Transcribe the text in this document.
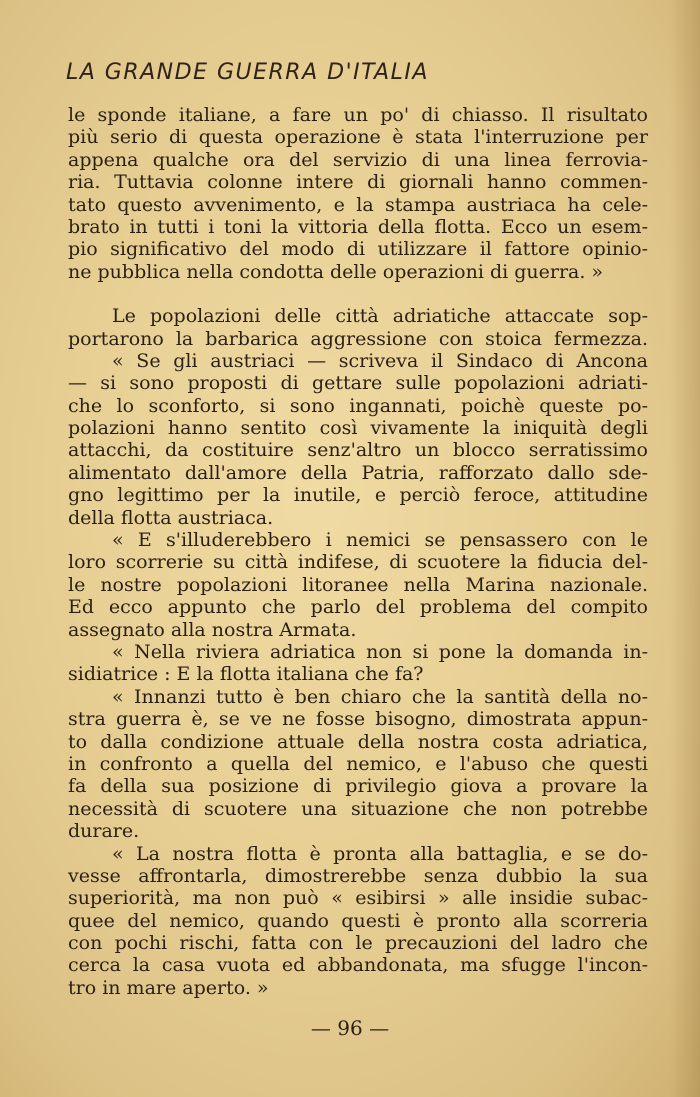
LA GRANDE GUERRA D'ITALIA
le sponde italiane, a fare un po' di chiasso. Il risultato
più serio di questa operazione è stata l'interruzione per
appena qualche ora del servizio di una linea ferrovia-
ria. Tuttavia colonne intere di giornali hanno commen-
tato questo avvenimento, e la stampa austriaca ha cele-
brato in tutti i toni la vittoria della flotta. Ecco un esem-
pio significativo del modo di utilizzare il fattore opinio-
ne pubblica nella condotta delle operazioni di guerra. »
Le popolazioni delle città adriatiche attaccate sop-
portarono la barbarica aggressione con stoica fermezza.
« Se gli austriaci — scriveva il Sindaco di Ancona
— si sono proposti di gettare sulle popolazioni adriati-
che lo sconforto, si sono ingannati, poichè queste po-
polazioni hanno sentito così vivamente la iniquità degli
attacchi, da costituire senz'altro un blocco serratissimo
alimentato dall'amore della Patria, rafforzato dallo sde-
gno legittimo per la inutile, e perciò feroce, attitudine
della flotta austriaca.
« E s'illuderebbero i nemici se pensassero con le
loro scorrerie su città indifese, di scuotere la fiducia del-
le nostre popolazioni litoranee nella Marina nazionale.
Ed ecco appunto che parlo del problema del compito
assegnato alla nostra Armata.
« Nella riviera adriatica non si pone la domanda in-
sidiatrice : E la flotta italiana che fa?
« Innanzi tutto è ben chiaro che la santità della no-
stra guerra è, se ve ne fosse bisogno, dimostrata appun-
to dalla condizione attuale della nostra costa adriatica,
in confronto a quella del nemico, e l'abuso che questi
fa della sua posizione di privilegio giova a provare la
necessità di scuotere una situazione che non potrebbe
durare.
« La nostra flotta è pronta alla battaglia, e se do-
vesse affrontarla, dimostrerebbe senza dubbio la sua
superiorità, ma non può « esibirsi » alle insidie subac-
quee del nemico, quando questi è pronto alla scorreria
con pochi rischi, fatta con le precauzioni del ladro che
cerca la casa vuota ed abbandonata, ma sfugge l'incon-
tro in mare aperto. »
— 96 —
